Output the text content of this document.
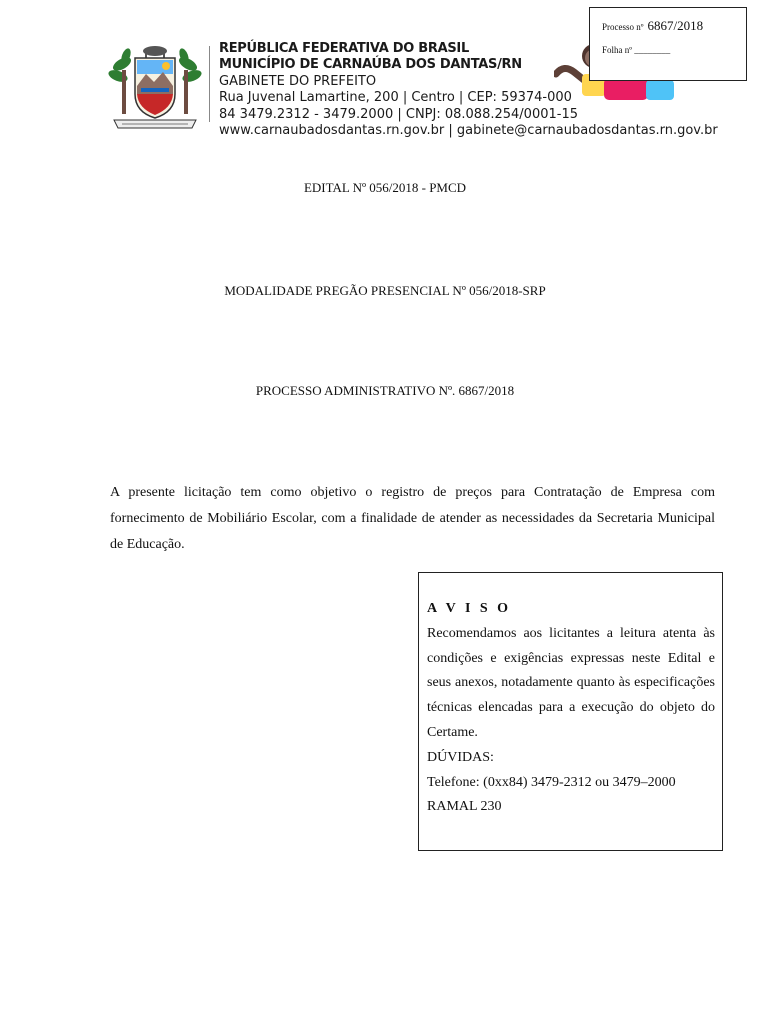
REPÚBLICA FEDERATIVA DO BRASIL
MUNICÍPIO DE CARNAÚBA DOS DANTAS/RN
GABINETE DO PREFEITO
Rua Juvenal Lamartine, 200 | Centro | CEP: 59374-000
84 3479.2312 - 3479.2000 | CNPJ: 08.088.254/0001-15
www.carnaubadosdantas.rn.gov.br | gabinete@carnaubadosdantas.rn.gov.br
Processo nº 6867/2018
Folha nº ________
EDITAL Nº 056/2018 - PMCD
MODALIDADE PREGÃO PRESENCIAL Nº 056/2018-SRP
PROCESSO ADMINISTRATIVO Nº. 6867/2018
A presente licitação tem como objetivo o registro de preços para Contratação de Empresa com fornecimento de Mobiliário Escolar, com a finalidade de atender as necessidades da Secretaria Municipal de Educação.
A V I S O
Recomendamos aos licitantes a leitura atenta às condições e exigências expressas neste Edital e seus anexos, notadamente quanto às especificações técnicas elencadas para a execução do objeto do Certame.
DÚVIDAS:
Telefone: (0xx84) 3479-2312 ou 3479–2000
RAMAL 230
